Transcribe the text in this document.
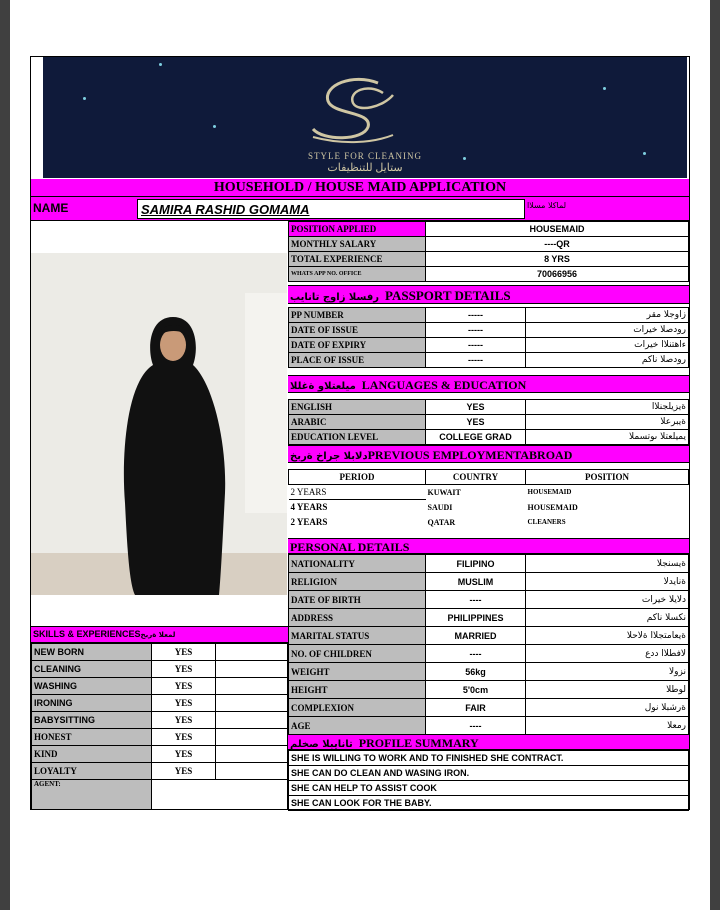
STYLE FOR CLEANING
ستايل للتنظيفات
HOUSEHOLD / HOUSE MAID APPLICATION
NAME	SAMIRA RASHID GOMAMA	لماكلا مسلاا
POSITION APPLIED	HOUSEMAID
MONTHLY SALARY	----QR
TOTAL EXPERIENCE	8 YRS
WHATS APP NO. OFFICE	70066956
رفسلا زاوج تانايب PASSPORT DETAILS
PP NUMBER	-----	زاوجلا مقر
DATE OF ISSUE	-----	رودصلا خيرات
DATE OF EXPIRY	-----	ءاهتنلاا خيرات
PLACE OF ISSUE	-----	رودصلا ناكم
ميلعتلاو ةغللا LANGUAGES & EDUCATION
ENGLISH	YES	ةيزيلجنلاا
ARABIC	YES	ةيبرعلا
EDUCATION LEVEL	COLLEGE GRAD	يميلعتلا ىوتسملا
دلابلا جراخ ةربخPREVIOUS EMPLOYMENTABROAD
PERIOD	COUNTRY	POSITION
2 YEARS	KUWAIT	HOUSEMAID
4 YEARS	SAUDI	HOUSEMAID
2 YEARS	QATAR	CLEANERS
PERSONAL DETAILS
NATIONALITY	FILIPINO	ةيسنجلا
RELIGION	MUSLIM	ةنايدلا
DATE OF BIRTH	----	دلايلا خيرات
ADDRESS	PHILIPPINES	نكسلا ناكم
MARITAL STATUS	MARRIED	ةيعامتجلاا ةلاحلا
NO. OF CHILDREN	----	لافطلاا ددع
WEIGHT	56kg	نزولا
HEIGHT	5'0cm	لوطلا
COMPLEXION	FAIR	ةرشبلا نول
AGE	----	رمعلا
تانايبلا صخلم PROFILE SUMMARY
SHE IS WILLING TO WORK AND TO FINISHED SHE CONTRACT.
SHE CAN DO CLEAN AND WASING IRON.
SHE CAN HELP TO ASSIST COOK
SHE CAN LOOK FOR THE BABY.
SKILLS & EXPERIENCESلمعلا ةربخ
NEW BORN	YES	
CLEANING	YES	
WASHING	YES	
IRONING	YES	
BABYSITTING	YES	
HONEST	YES	
KIND	YES	
LOYALTY	YES	
AGENT:		
